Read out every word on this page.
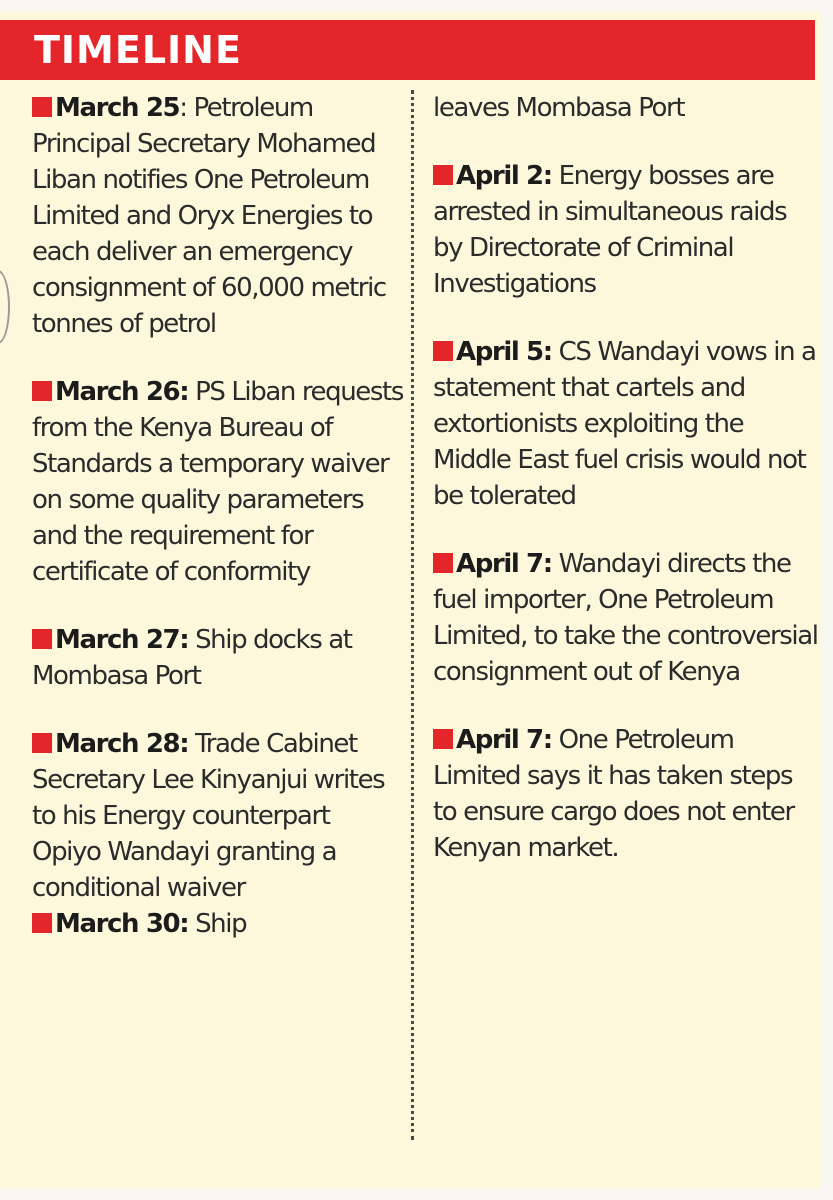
TIMELINE

March 25: Petroleum Principal Secretary Mohamed Liban notifies One Petroleum Limited and Oryx Energies to each deliver an emergency consignment of 60,000 metric tonnes of petrol

March 26: PS Liban requests from the Kenya Bureau of Standards a temporary waiver on some quality parameters and the requirement for certificate of conformity

March 27: Ship docks at Mombasa Port

March 28: Trade Cabinet Secretary Lee Kinyanjui writes to his Energy counterpart Opiyo Wandayi granting a conditional waiver

March 30: Ship

leaves Mombasa Port

April 2: Energy bosses are arrested in simultaneous raids by Directorate of Criminal Investigations

April 5: CS Wandayi vows in a statement that cartels and extortionists exploiting the Middle East fuel crisis would not be tolerated

April 7: Wandayi directs the fuel importer, One Petroleum Limited, to take the controversial consignment out of Kenya

April 7: One Petroleum Limited says it has taken steps to ensure cargo does not enter Kenyan market.
